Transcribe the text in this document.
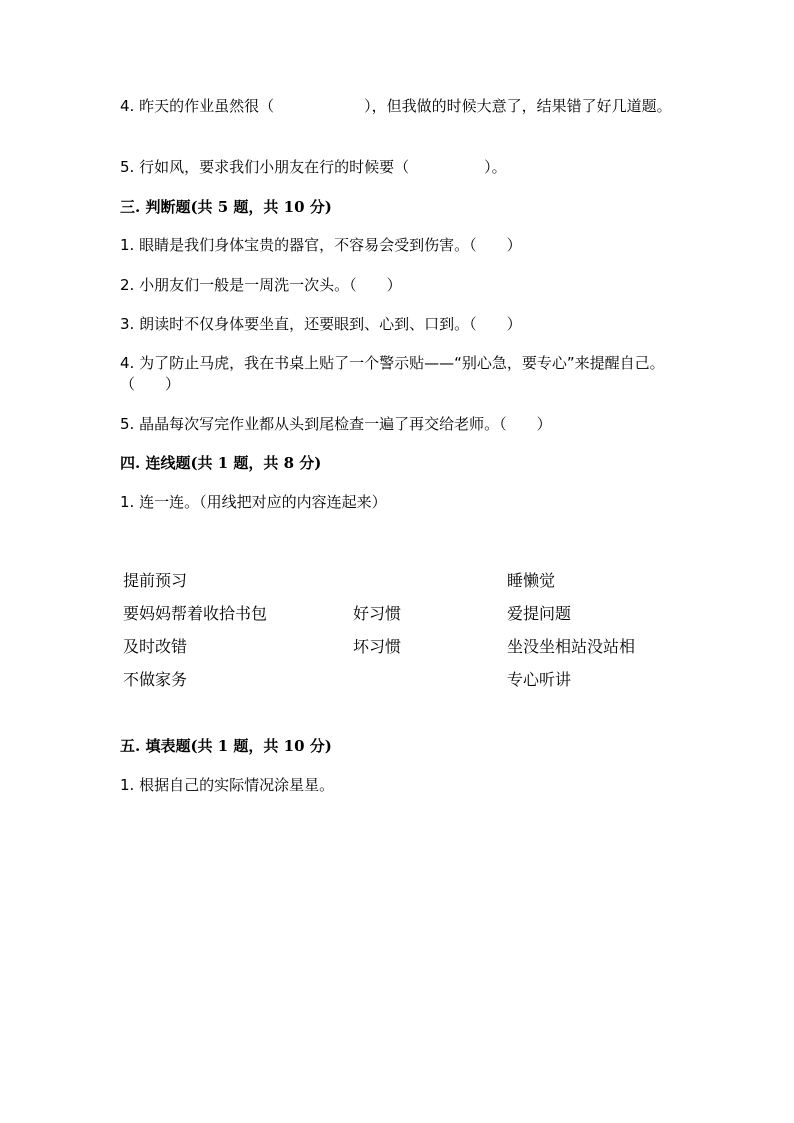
4. 昨天的作业虽然很（　　　　　　），但我做的时候大意了，结果错了好几道题。
5. 行如风，要求我们小朋友在行的时候要（　　　　　）。
三. 判断题(共 5 题，共 10 分)
1. 眼睛是我们身体宝贵的器官，不容易会受到伤害。（　　）
2. 小朋友们一般是一周洗一次头。（　　）
3. 朗读时不仅身体要坐直，还要眼到、心到、口到。（　　）
4. 为了防止马虎，我在书桌上贴了一个警示贴——“别心急，要专心”来提醒自己。（　　）
5. 晶晶每次写完作业都从头到尾检查一遍了再交给老师。（　　）
四. 连线题(共 1 题，共 8 分)
1. 连一连。（用线把对应的内容连起来）
提前预习
要妈妈帮着收拾书包
及时改错
不做家务
好习惯
坏习惯
睡懒觉
爱提问题
坐没坐相站没站相
专心听讲
五. 填表题(共 1 题，共 10 分)
1. 根据自己的实际情况涂星星。
